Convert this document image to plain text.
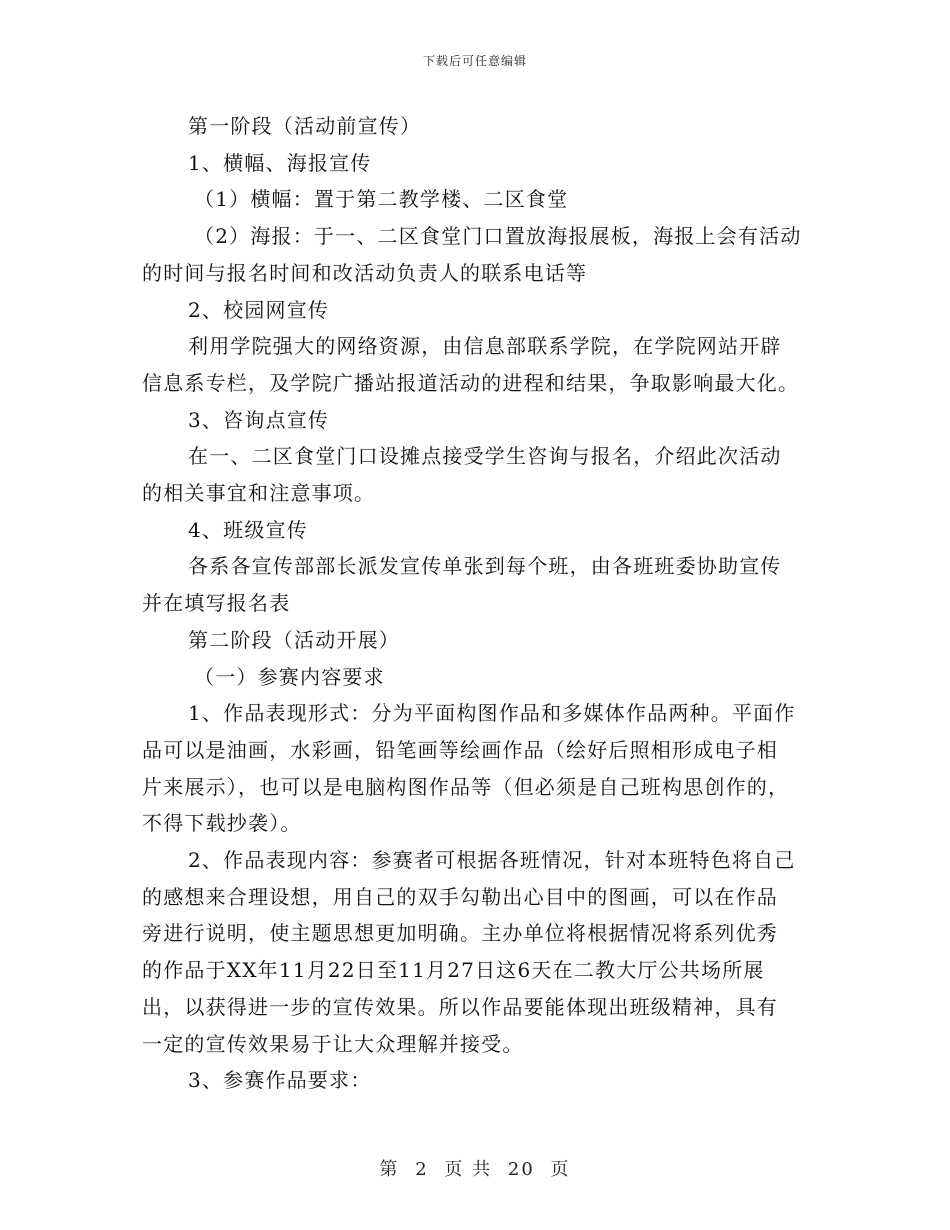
下载后可任意编辑

第一阶段（活动前宣传）

1、横幅、海报宣传

（1）横幅：置于第二教学楼、二区食堂

（2）海报：于一、二区食堂门口置放海报展板，海报上会有活动

的时间与报名时间和改活动负责人的联系电话等

2、校园网宣传

利用学院强大的网络资源，由信息部联系学院，在学院网站开辟

信息系专栏，及学院广播站报道活动的进程和结果，争取影响最大化。

3、咨询点宣传

在一、二区食堂门口设摊点接受学生咨询与报名，介绍此次活动

的相关事宜和注意事项。

4、班级宣传

各系各宣传部部长派发宣传单张到每个班，由各班班委协助宣传

并在填写报名表

第二阶段（活动开展）

（一）参赛内容要求

1、作品表现形式：分为平面构图作品和多媒体作品两种。平面作

品可以是油画，水彩画，铅笔画等绘画作品（绘好后照相形成电子相

片来展示），也可以是电脑构图作品等（但必须是自己班构思创作的，

不得下载抄袭）。

2、作品表现内容：参赛者可根据各班情况，针对本班特色将自己

的感想来合理设想，用自己的双手勾勒出心目中的图画，可以在作品

旁进行说明，使主题思想更加明确。主办单位将根据情况将系列优秀

的作品于XX年11月22日至11月27日这6天在二教大厅公共场所展

出，以获得进一步的宣传效果。所以作品要能体现出班级精神，具有

一定的宣传效果易于让大众理解并接受。

3、参赛作品要求：

第 2 页 共 20 页
